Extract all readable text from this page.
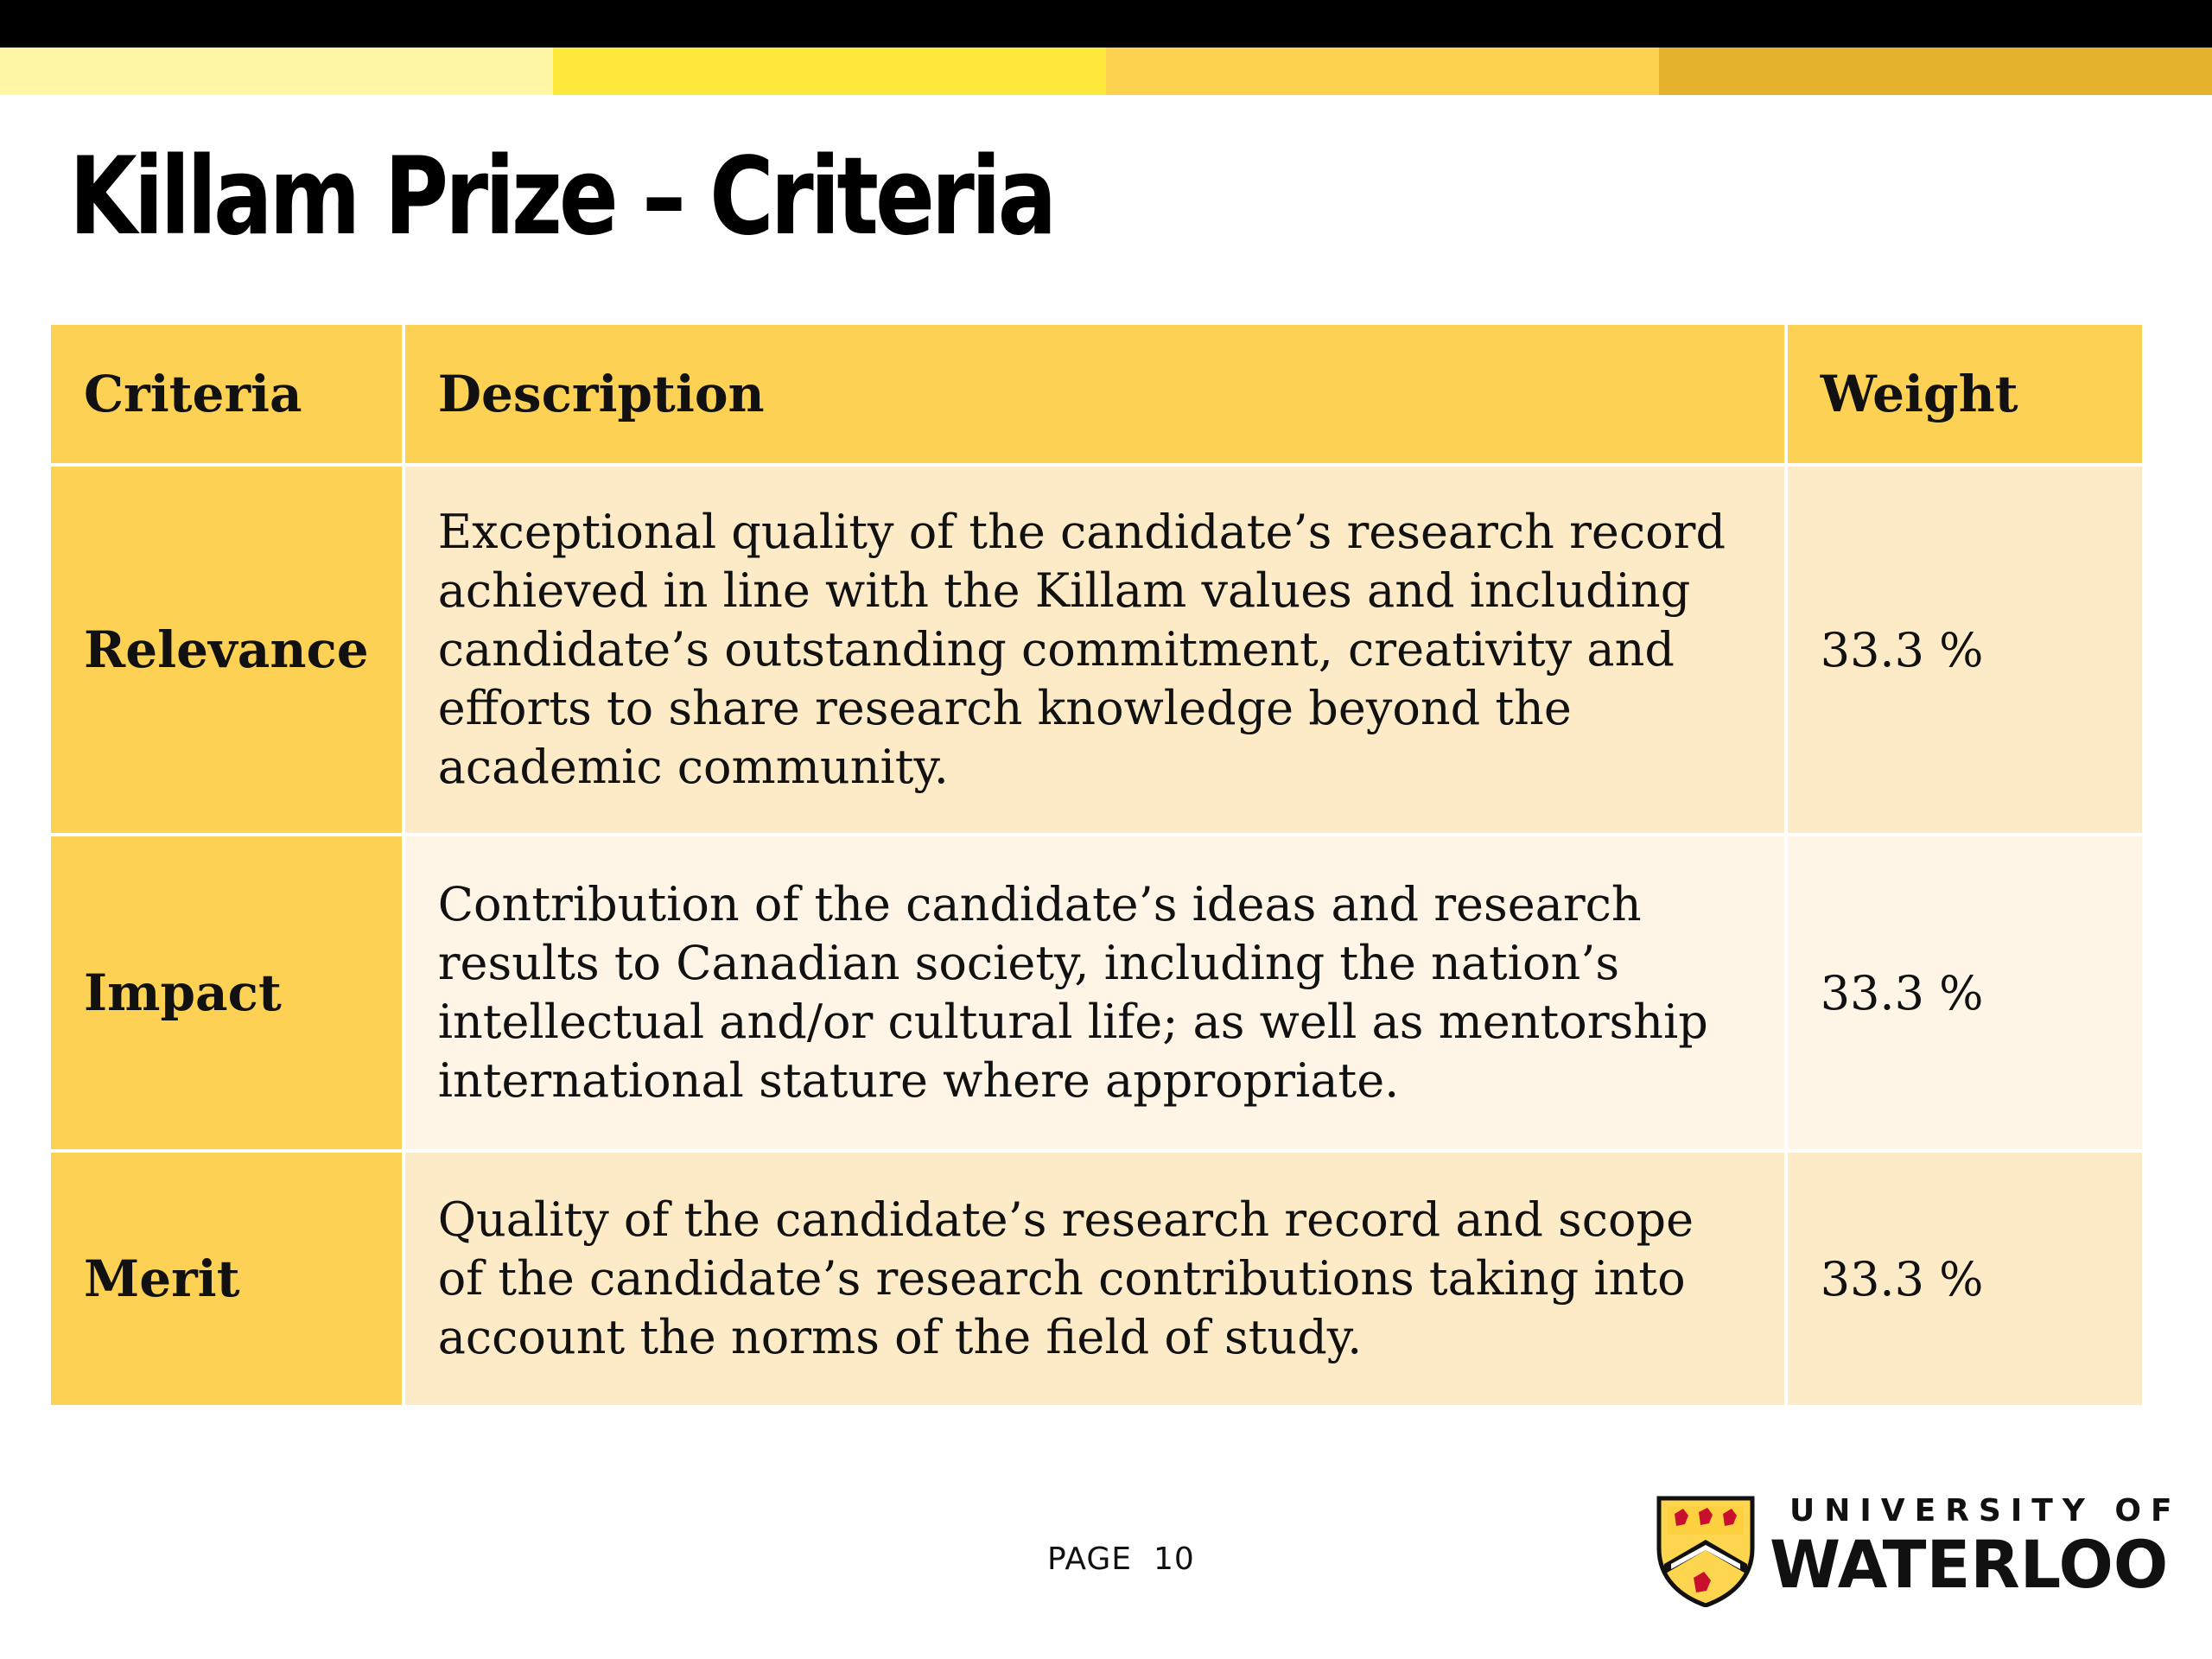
Killam Prize – Criteria
Criteria	Description	Weight
Relevance	Exceptional quality of the candidate’s research record achieved in line with the Killam values and including candidate’s outstanding commitment, creativity and efforts to share research knowledge beyond the academic community.	33.3 %
Impact	Contribution of the candidate’s ideas and research results to Canadian society, including the nation’s intellectual and/or cultural life; as well as mentorship international stature where appropriate.	33.3 %
Merit	Quality of the candidate’s research record and scope of the candidate’s research contributions taking into account the norms of the field of study.	33.3 %
PAGE 10
UNIVERSITY OF
WATERLOO
